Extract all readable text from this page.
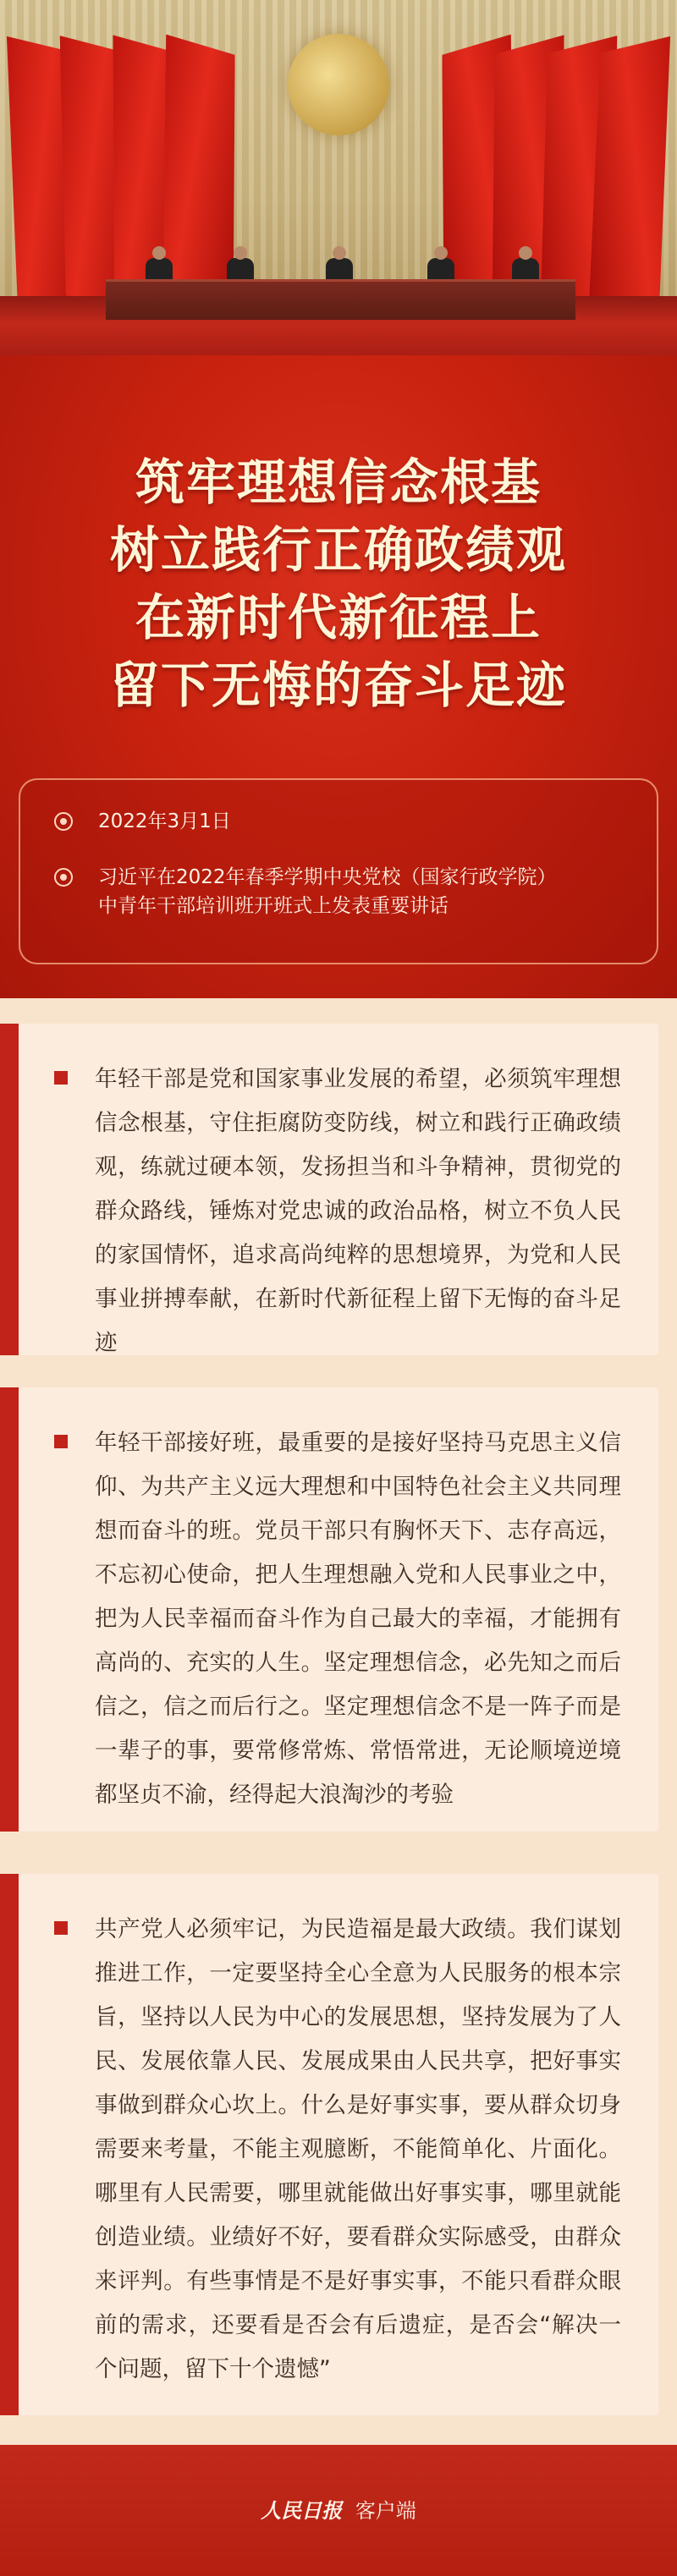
筑牢理想信念根基
树立践行正确政绩观
在新时代新征程上
留下无悔的奋斗足迹
2022年3月1日
习近平在2022年春季学期中央党校（国家行政学院）
中青年干部培训班开班式上发表重要讲话
年轻干部是党和国家事业发展的希望，必须筑牢理想信念根基，守住拒腐防变防线，树立和践行正确政绩观，练就过硬本领，发扬担当和斗争精神，贯彻党的群众路线，锤炼对党忠诚的政治品格，树立不负人民的家国情怀，追求高尚纯粹的思想境界，为党和人民事业拼搏奉献，在新时代新征程上留下无悔的奋斗足迹
年轻干部接好班，最重要的是接好坚持马克思主义信仰、为共产主义远大理想和中国特色社会主义共同理想而奋斗的班。党员干部只有胸怀天下、志存高远，不忘初心使命，把人生理想融入党和人民事业之中，把为人民幸福而奋斗作为自己最大的幸福，才能拥有高尚的、充实的人生。坚定理想信念，必先知之而后信之，信之而后行之。坚定理想信念不是一阵子而是一辈子的事，要常修常炼、常悟常进，无论顺境逆境都坚贞不渝，经得起大浪淘沙的考验
共产党人必须牢记，为民造福是最大政绩。我们谋划推进工作，一定要坚持全心全意为人民服务的根本宗旨，坚持以人民为中心的发展思想，坚持发展为了人民、发展依靠人民、发展成果由人民共享，把好事实事做到群众心坎上。什么是好事实事，要从群众切身需要来考量，不能主观臆断，不能简单化、片面化。哪里有人民需要，哪里就能做出好事实事，哪里就能创造业绩。业绩好不好，要看群众实际感受，由群众来评判。有些事情是不是好事实事，不能只看群众眼前的需求，还要看是否会有后遗症，是否会“解决一个问题，留下十个遗憾”
人民日报 客户端
